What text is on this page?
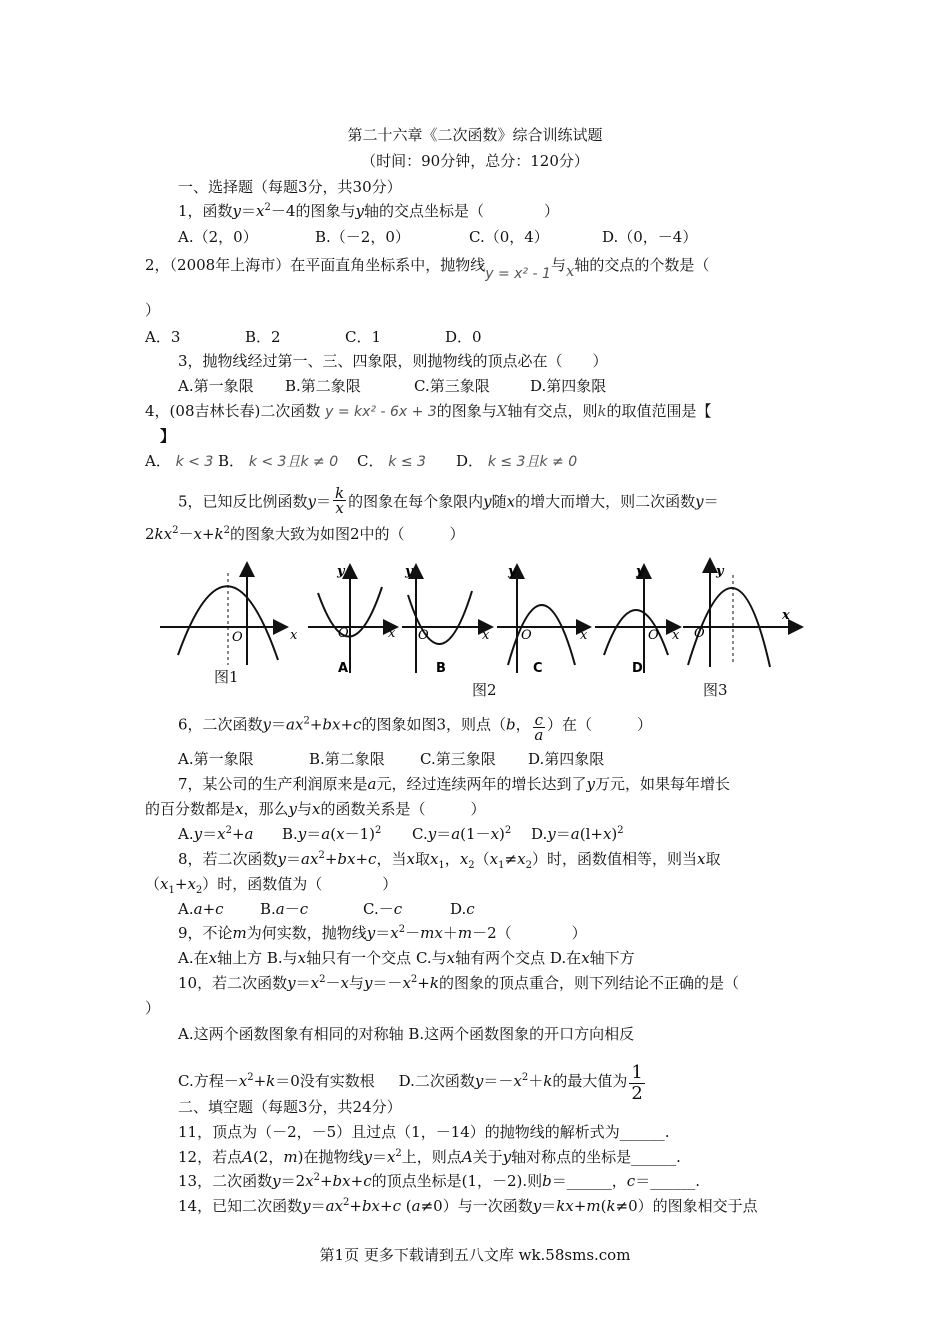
第二十六章《二次函数》综合训练试题
（时间：90分钟，总分：120分）
一、选择题（每题3分，共30分）
1，函数$y=x^2-4$的图象与y轴的交点坐标是（　　　　）
A.（2，0）	B.（－2，0）	C.（0，4）	D.（0，－4）
2，（2008年上海市）在平面直角坐标系中，抛物线y = x² - 1与x轴的交点的个数是（
）
A．3	B．2	C．1	D．0
3，抛物线经过第一、三、四象限，则抛物线的顶点必在（　　）
A.第一象限 B.第二象限	C.第三象限	D.第四象限
4，(08吉林长春)二次函数 y = kx² - 6x + 3的图象与X轴有交点，则k的取值范围是【
】
A． k < 3 B． k < 3且k ≠ 0 C． k ≤ 3 D． k ≤ 3且k ≠ 0
5，已知反比例函数$y= \frac{k}{x}$ 的图象在每个象限内y随x的增大而增大，则二次函数y＝
$2kx^2-x+k^2$的图象大致为如图2中的（　　　）
O	x
y
O	x
A
y
O	x
B
y
O	x
C
y
O x
D
y
O
x
图1
图2	图3
6，二次函数$y=ax^2+bx+c$的图象如图3，则点（b， $\frac{c}{a}$ ）在（　　　）
A.第一象限	B.第二象限 C.第三象限 D.第四象限
7，某公司的生产利润原来是a元，经过连续两年的增长达到了y万元，如果每年增长
的百分数都是x，那么y与x的函数关系是（　　　）
$A.y=x^2+a$ $B.y=a(x-1)^2$ $C.y=a(1-x)^2$ $D.y=a(l+x)^2$
8，若二次函数$y=ax^2+bx+c$，当x取$x_1$，$x_2(x_1\ne x_2)$时，函数值相等，则当x取
$(x_1+x_2)$时，函数值为（　　　　）
A.a+c B.a－c	C.－c	D.c
9，不论m为何实数，抛物线$y=x^2-mx+m-2$（　　　　）
A.在x轴上方 B.与x轴只有一个交点 C.与x轴有两个交点 D.在x轴下方
10，若二次函数$y=x^2-x$与$y=-x^2+k$的图象的顶点重合，则下列结论不正确的是（
）
A.这两个函数图象有相同的对称轴 B.这两个函数图象的开口方向相反
C.方程$-x^2+k=0$没有实数根 D.二次函数$y=-x^2+k$的最大值为 $\frac{1}{2}$
二、填空题（每题3分，共24分）
11，顶点为（－2，－5）且过点（1，－14）的抛物线的解析式为______.
12，若点A(2，m)在抛物线$y=x^2$上，则点A关于y轴对称点的坐标是______.
13，二次函数$y=2x^2+bx+c$的顶点坐标是(1，－2).则b＝______，c＝______.
14，已知二次函数$y=ax^2+bx+c$ (a≠0）与一次函数y＝kx+m(k≠0）的图象相交于点
第1页 更多下载请到五八文库 wk.58sms.com
